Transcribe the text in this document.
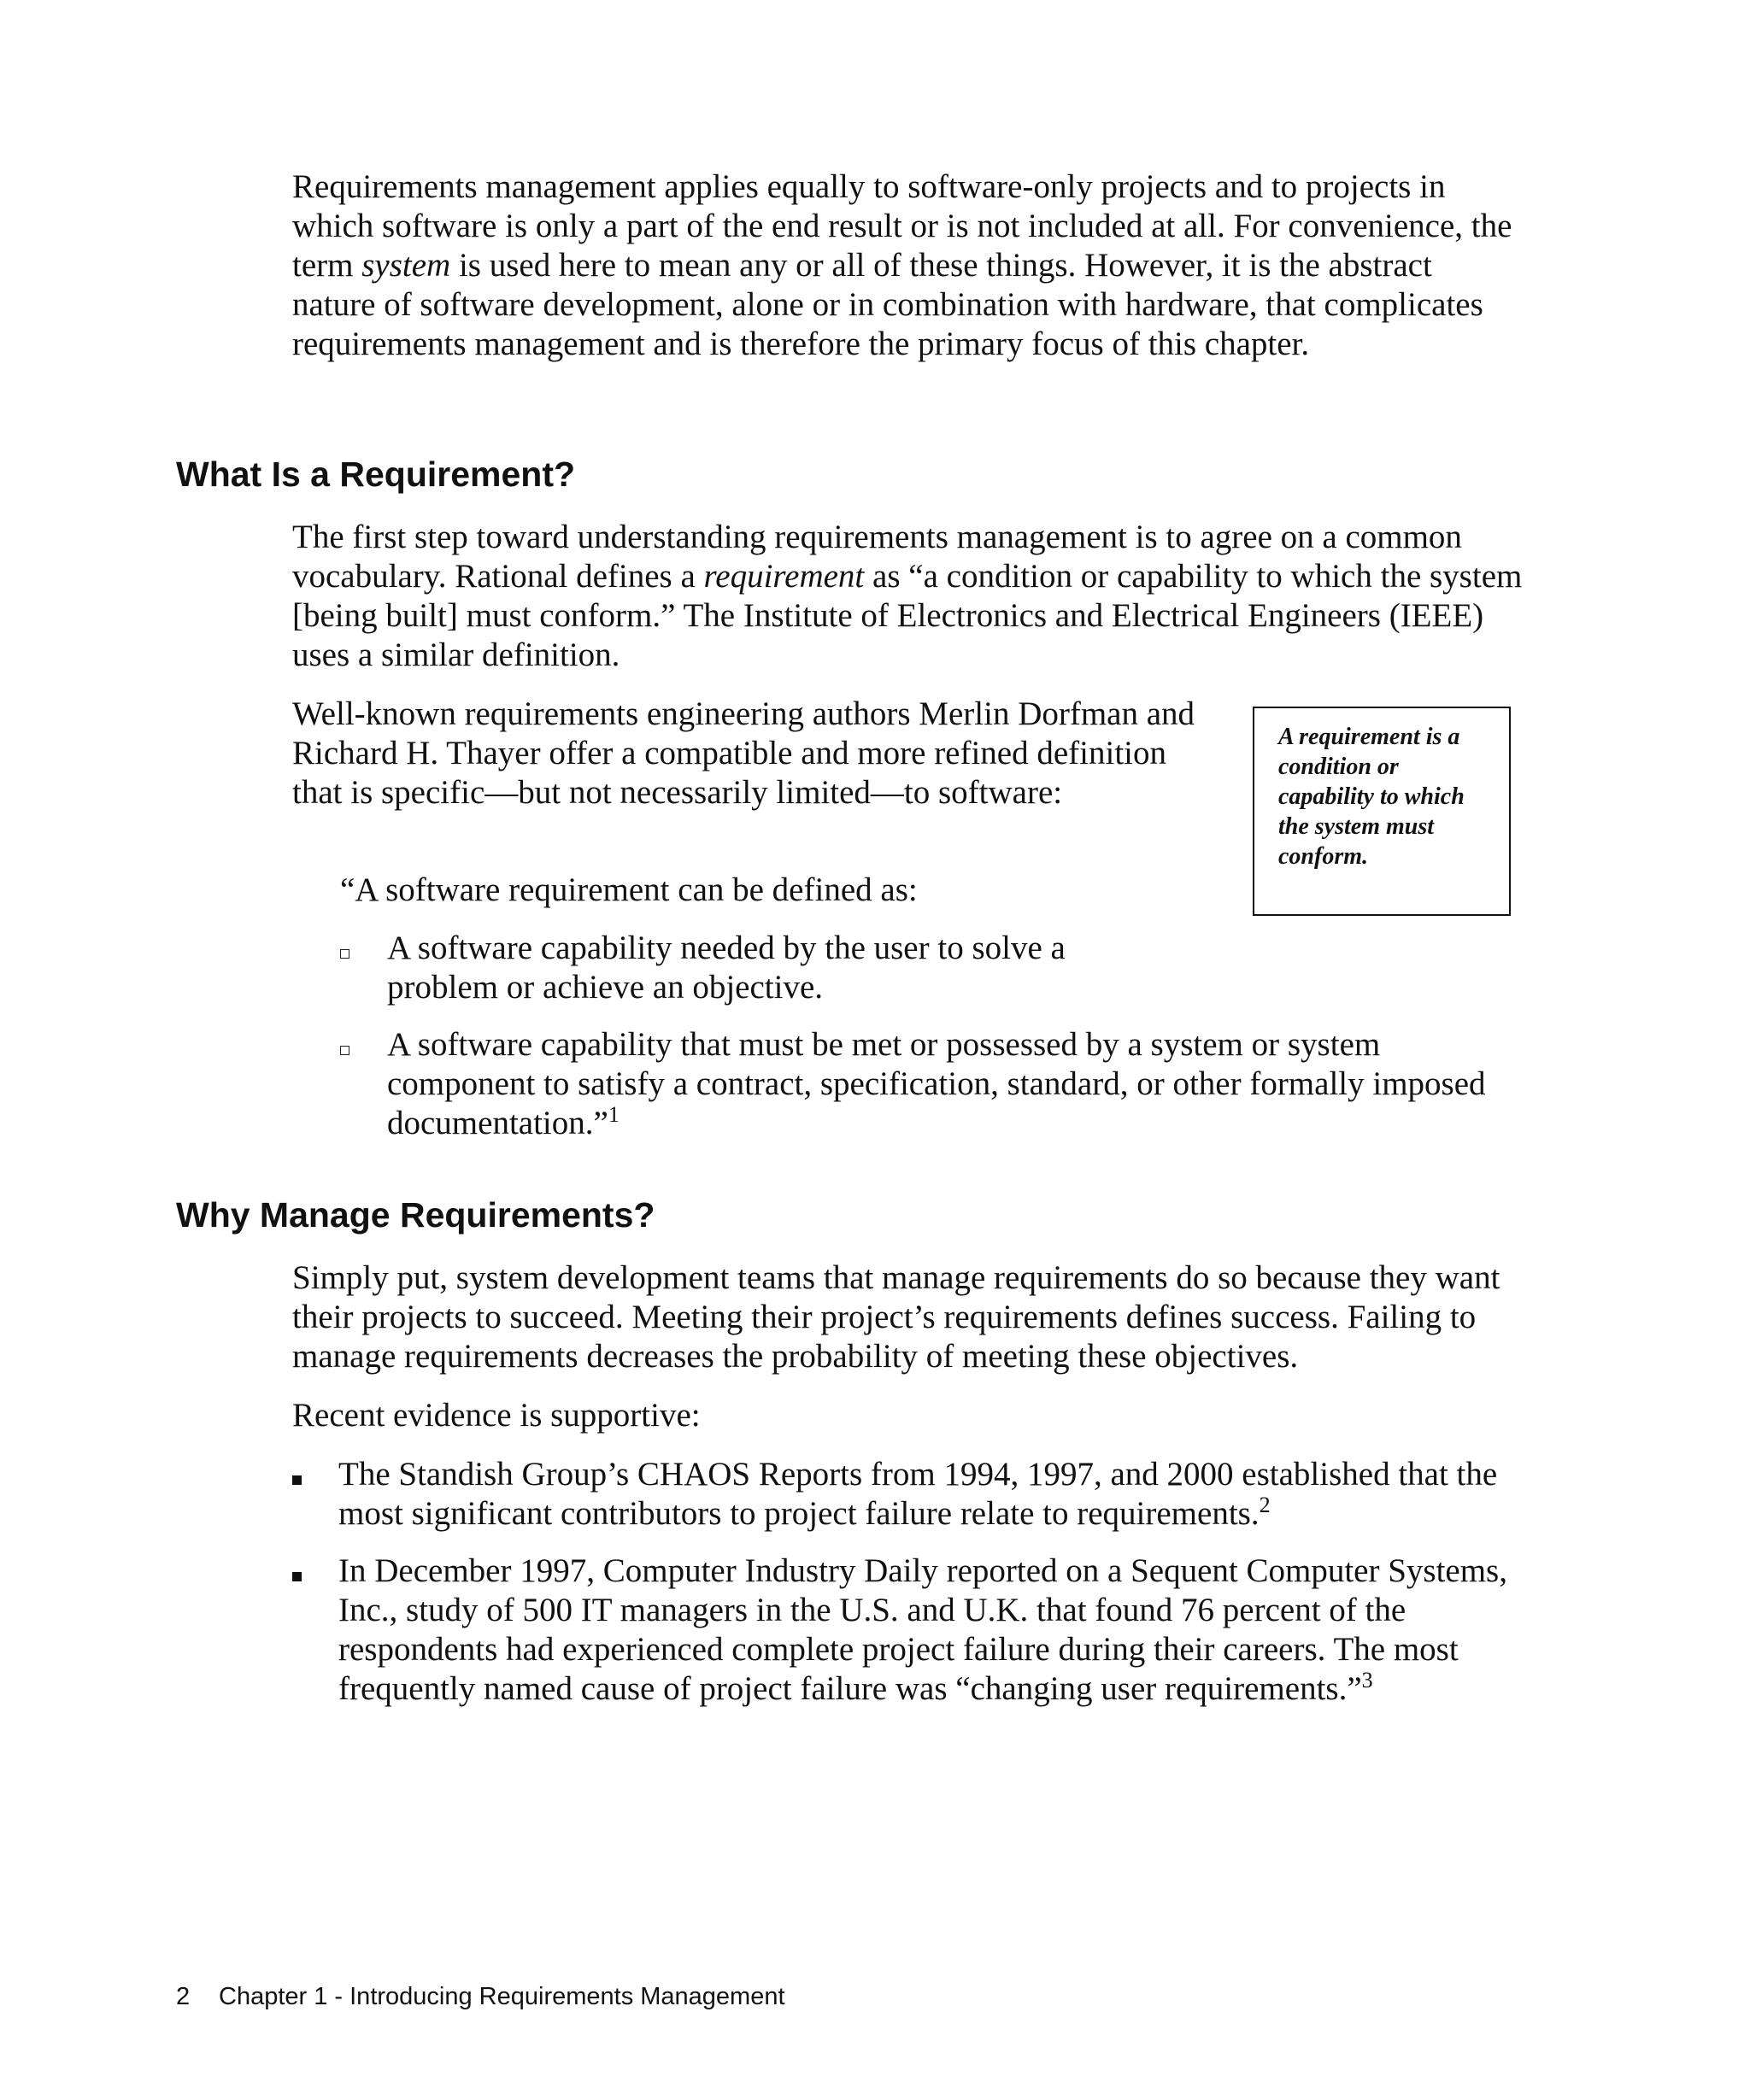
Requirements management applies equally to software-only projects and to projects in which software is only a part of the end result or is not included at all. For convenience, the term system is used here to mean any or all of these things. However, it is the abstract nature of software development, alone or in combination with hardware, that complicates requirements management and is therefore the primary focus of this chapter.

What Is a Requirement?

The first step toward understanding requirements management is to agree on a common vocabulary. Rational defines a requirement as “a condition or capability to which the system [being built] must conform.” The Institute of Electronics and Electrical Engineers (IEEE) uses a similar definition.

Well-known requirements engineering authors Merlin Dorfman and Richard H. Thayer offer a compatible and more refined definition that is specific—but not necessarily limited—to software:

A requirement is a condition or capability to which the system must conform.

“A software requirement can be defined as:

A software capability needed by the user to solve a problem or achieve an objective.

A software capability that must be met or possessed by a system or system component to satisfy a contract, specification, standard, or other formally imposed documentation.”$^1$

Why Manage Requirements?

Simply put, system development teams that manage requirements do so because they want their projects to succeed. Meeting their project’s requirements defines success. Failing to manage requirements decreases the probability of meeting these objectives.

Recent evidence is supportive:

The Standish Group’s CHAOS Reports from 1994, 1997, and 2000 established that the most significant contributors to project failure relate to requirements.$^2$

In December 1997, Computer Industry Daily reported on a Sequent Computer Systems, Inc., study of 500 IT managers in the U.S. and U.K. that found 76 percent of the respondents had experienced complete project failure during their careers. The most frequently named cause of project failure was “changing user requirements.”$^3$

2 Chapter 1 - Introducing Requirements Management
